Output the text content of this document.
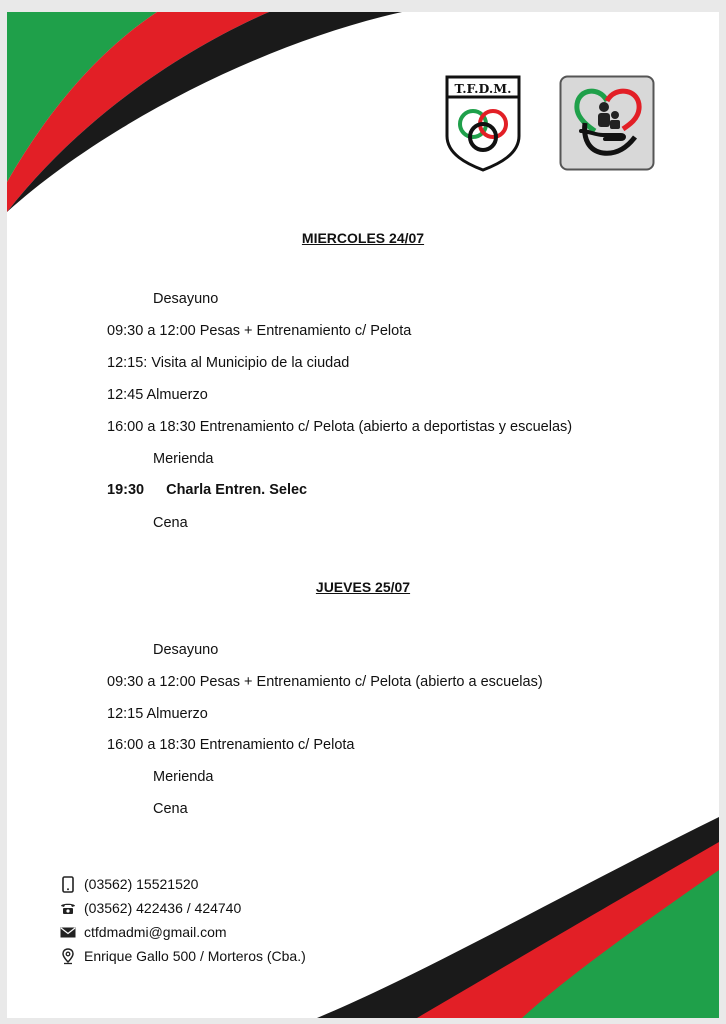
T.F.D.M.
MIERCOLES 24/07
Desayuno
09:30 a 12:00 Pesas + Entrenamiento c/ Pelota
12:15: Visita al Municipio de la ciudad
12:45 Almuerzo
16:00 a 18:30 Entrenamiento c/ Pelota (abierto a deportistas y escuelas)
Merienda
19:30 Charla Entren. Selec
Cena
JUEVES 25/07
Desayuno
09:30 a 12:00 Pesas + Entrenamiento c/ Pelota (abierto a escuelas)
12:15 Almuerzo
16:00 a 18:30 Entrenamiento c/ Pelota
Merienda
Cena
(03562) 15521520
(03562) 422436 / 424740
ctfdmadmi@gmail.com
Enrique Gallo 500 / Morteros (Cba.)
